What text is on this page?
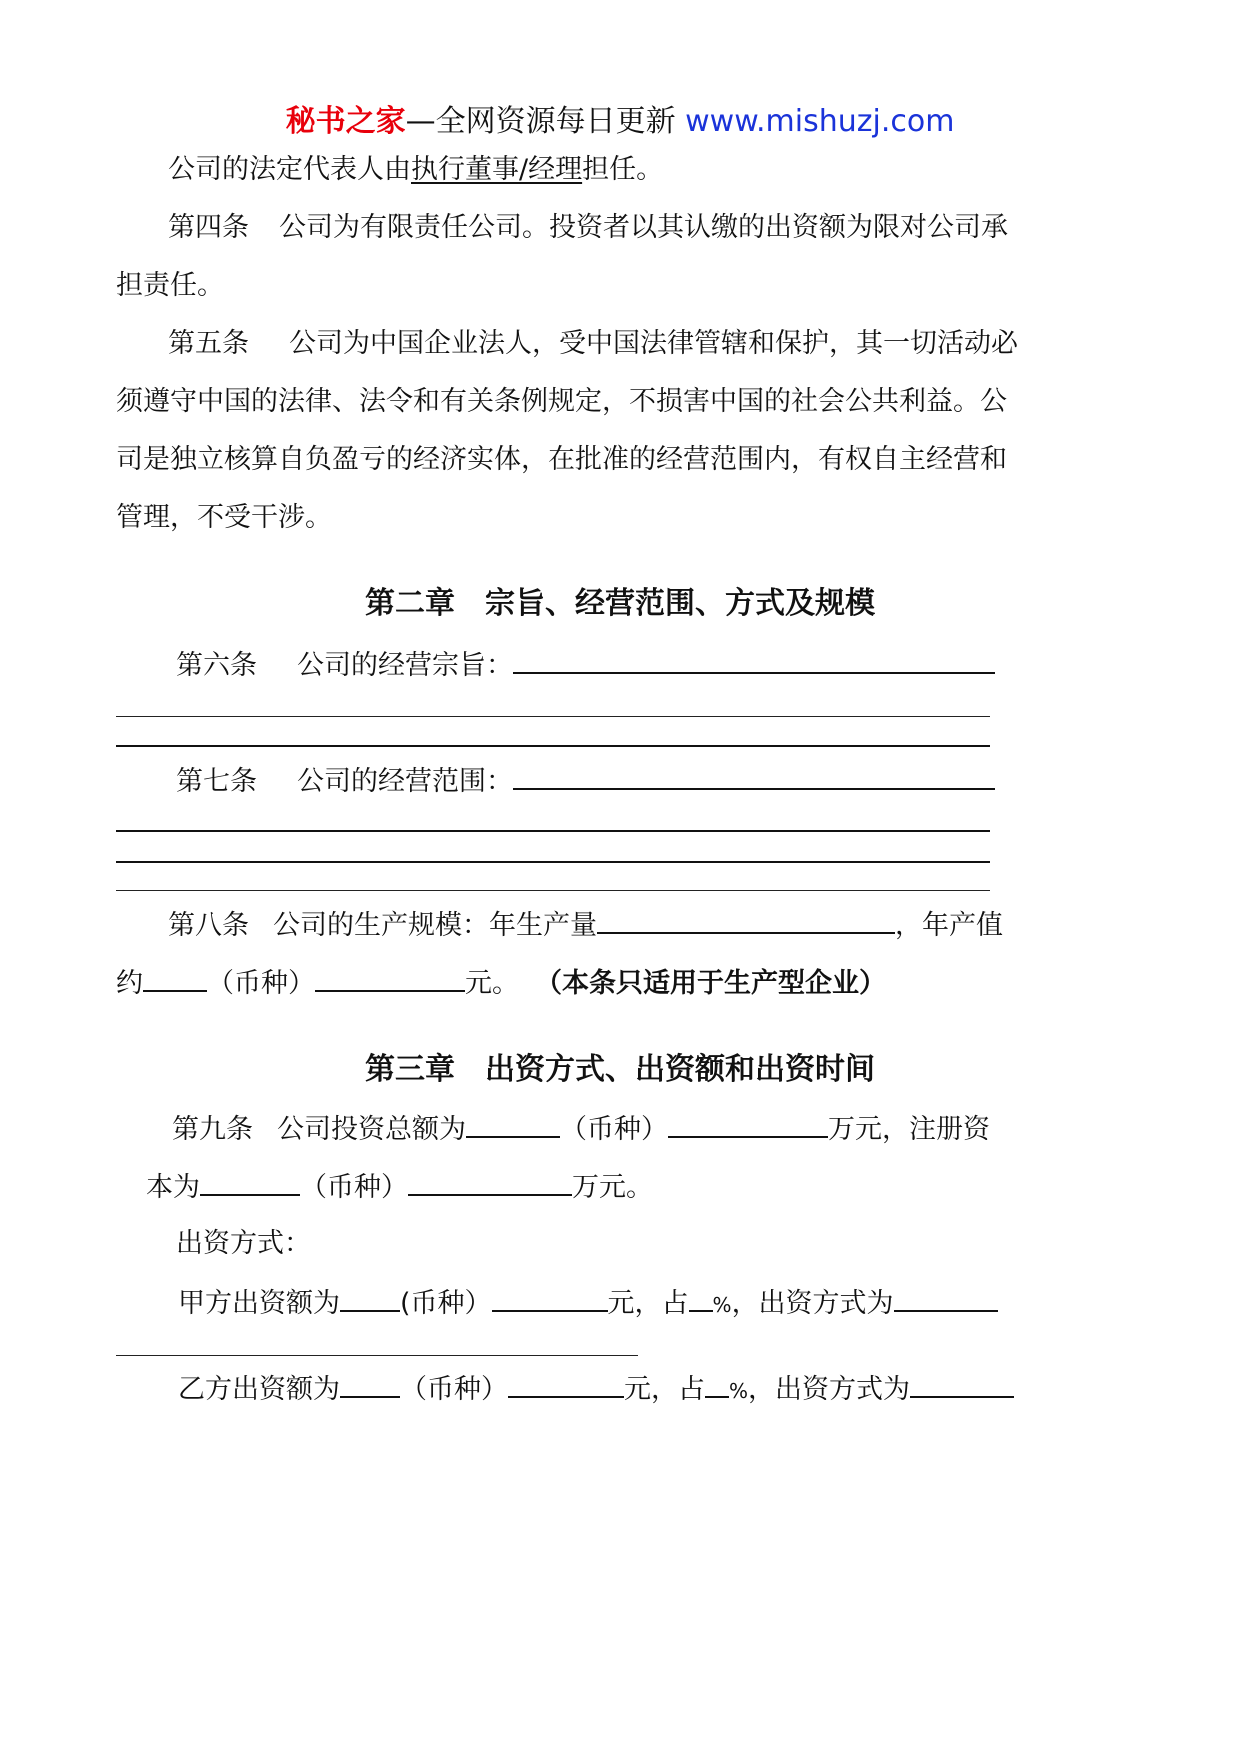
秘书之家—全网资源每日更新 www.mishuzj.com
公司的法定代表人由执行董事/经理担任。
第四条 公司为有限责任公司。投资者以其认缴的出资额为限对公司承
担责任。
第五条 公司为中国企业法人，受中国法律管辖和保护，其一切活动必
须遵守中国的法律、法令和有关条例规定，不损害中国的社会公共利益。公
司是独立核算自负盈亏的经济实体，在批准的经营范围内，有权自主经营和
管理，不受干涉。
第二章　宗旨、经营范围、方式及规模
第六条 公司的经营宗旨：
第七条 公司的经营范围：
第八条 公司的生产规模：年生产量	，年产值
约 （币种）	元。 （本条只适用于生产型企业）
第三章　出资方式、出资额和出资时间
第九条 公司投资总额为	（币种）	万元，注册资
本为	（币种）	万元。
出资方式：
甲方出资额为 (币种）	元，占 %，出资方式为
乙方出资额为 （币种）	元，占 %，出资方式为
